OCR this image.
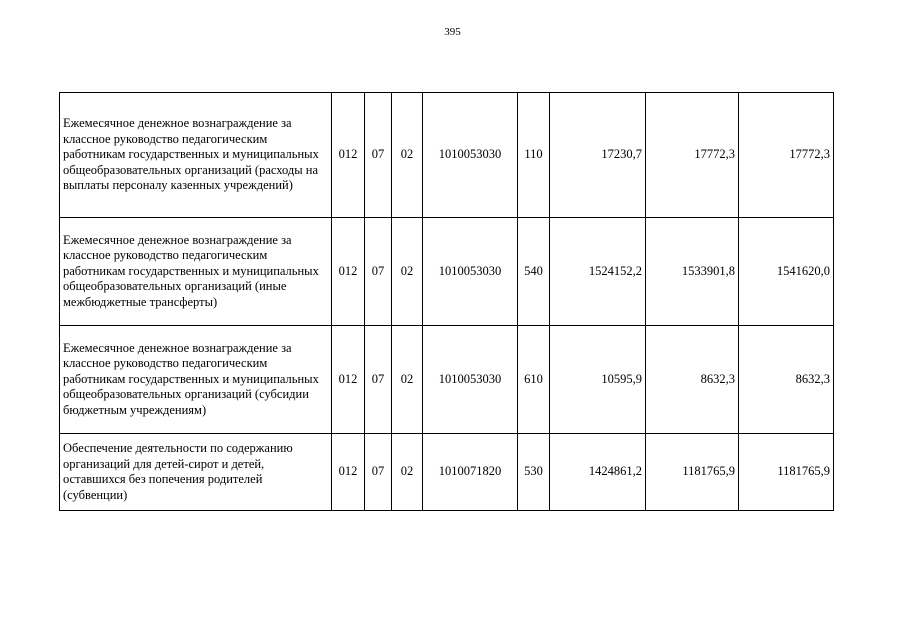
395
Ежемесячное денежное вознаграждение за классное руководство педагогическим работникам государственных и муниципальных общеобразовательных организаций (расходы на выплаты персоналу казенных учреждений)	012	07	02	1010053030	110	17230,7	17772,3	17772,3
Ежемесячное денежное вознаграждение за классное руководство педагогическим работникам государственных и муниципальных общеобразовательных организаций (иные межбюджетные трансферты)	012	07	02	1010053030	540	1524152,2	1533901,8	1541620,0
Ежемесячное денежное вознаграждение за классное руководство педагогическим работникам государственных и муниципальных общеобразовательных организаций (субсидии бюджетным учреждениям)	012	07	02	1010053030	610	10595,9	8632,3	8632,3
Обеспечение деятельности по содержанию организаций для детей-сирот и детей, оставшихся без попечения родителей (субвенции)	012	07	02	1010071820	530	1424861,2	1181765,9	1181765,9
